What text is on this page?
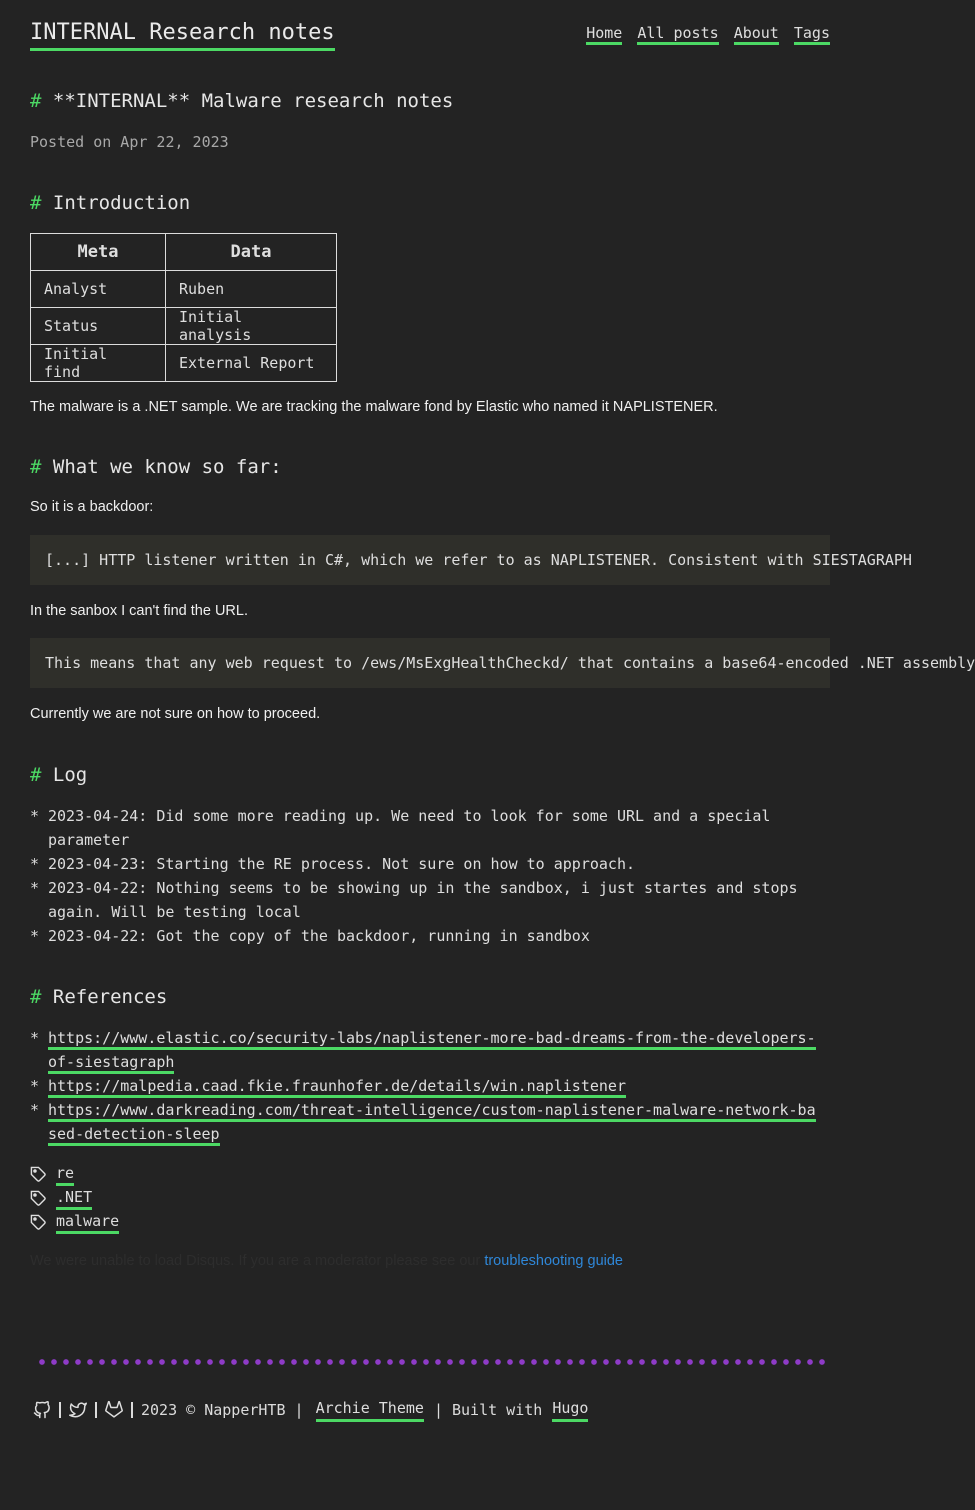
INTERNAL Research notes	Home All posts About Tags
# **INTERNAL** Malware research notes
Posted on Apr 22, 2023
# Introduction
Meta	Data
Analyst	Ruben
Status	Initial analysis
Initial find	External Report

The malware is a .NET sample. We are tracking the malware fond by Elastic who named it NAPLISTENER.

# What we know so far:

So it is a backdoor:

[...] HTTP listener written in C#, which we refer to as NAPLISTENER. Consistent with SIESTAGRAPH

In the sanbox I can't find the URL.

This means that any web request to /ews/MsExgHealthCheckd/ that contains a base64-encoded .NET assembly

Currently we are not sure on how to proceed.

# Log
* 2023-04-24: Did some more reading up. We need to look for some URL and a special parameter
* 2023-04-23: Starting the RE process. Not sure on how to approach.
* 2023-04-22: Nothing seems to be showing up in the sandbox, i just startes and stops again. Will be testing local
* 2023-04-22: Got the copy of the backdoor, running in sandbox
# References
* https://www.elastic.co/security-labs/naplistener-more-bad-dreams-from-the-developers-of-siestagraph
* https://malpedia.caad.fkie.fraunhofer.de/details/win.naplistener
* https://www.darkreading.com/threat-intelligence/custom-naplistener-malware-network-based-detection-sleep
re
.NET
malware
We were unable to load Disqus. If you are a moderator please see our troubleshooting guide
2023 © NapperHTB | Archie Theme | Built with Hugo
